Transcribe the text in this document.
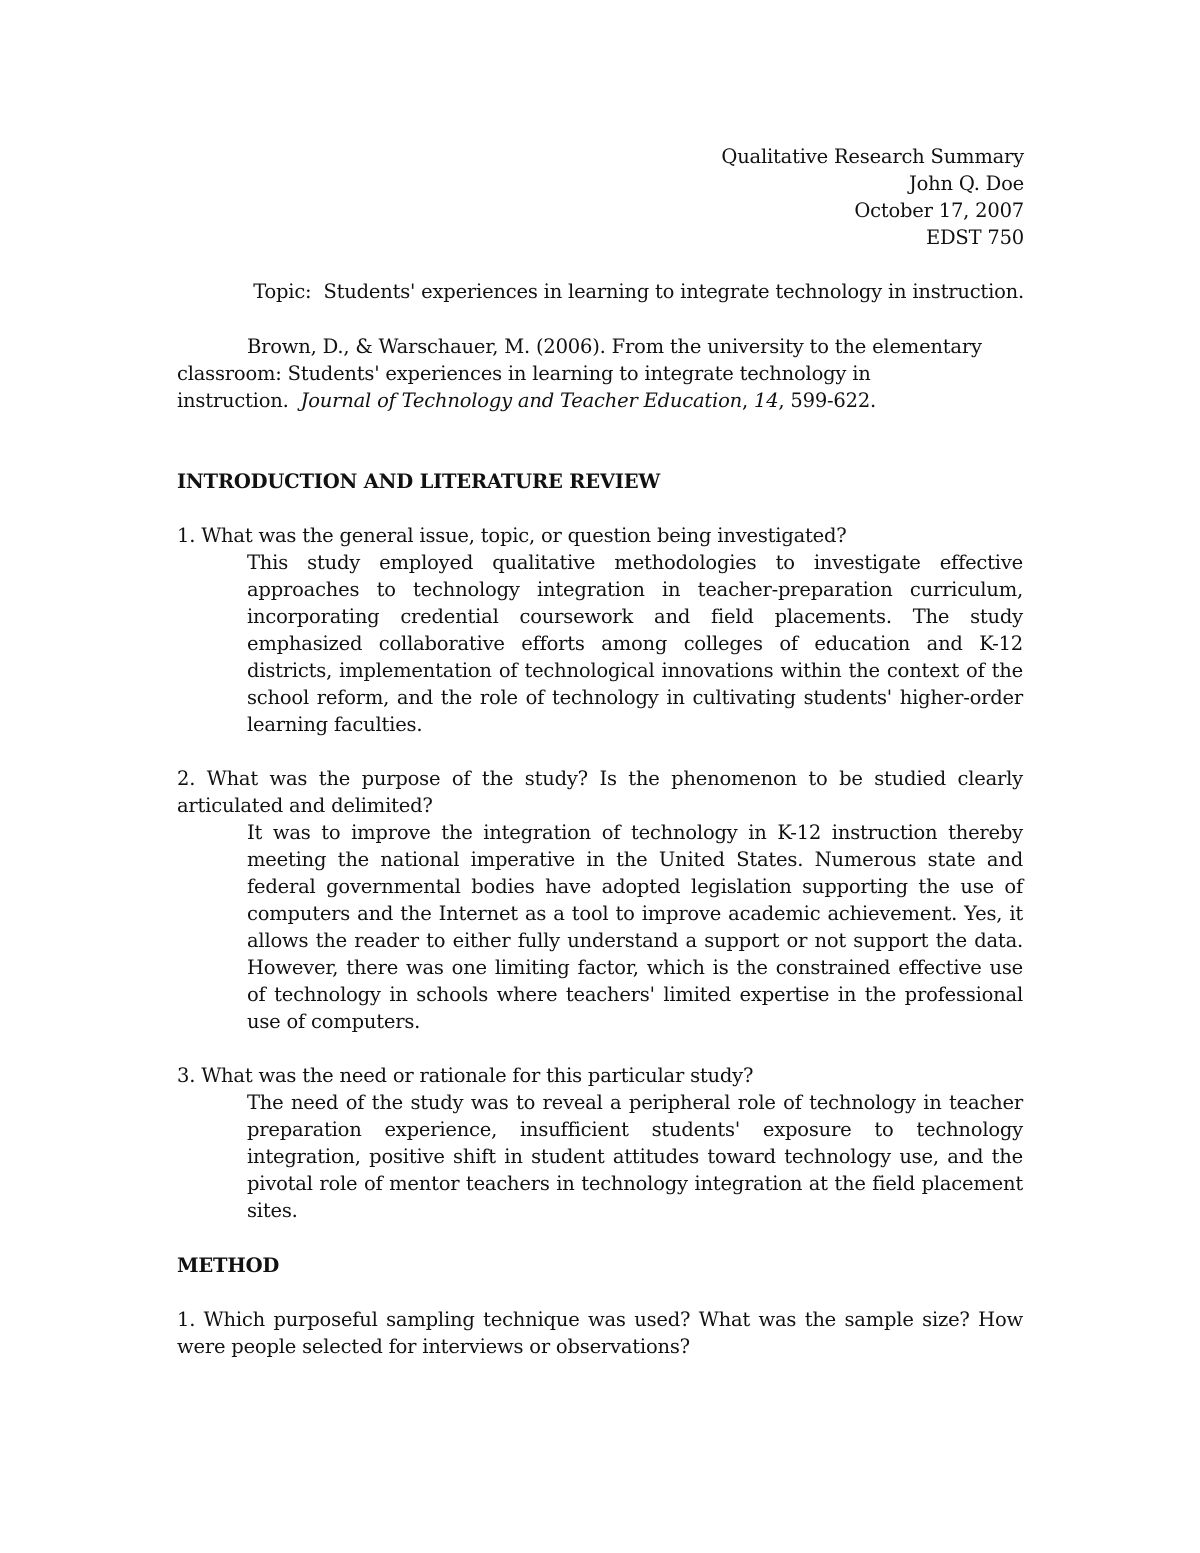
Qualitative Research Summary
John Q. Doe
October 17, 2007
EDST 750
Topic: Students' experiences in learning to integrate technology in instruction.
Brown, D., & Warschauer, M. (2006). From the university to the elementary
classroom: Students' experiences in learning to integrate technology in
instruction. Journal of Technology and Teacher Education, 14, 599-622.
INTRODUCTION AND LITERATURE REVIEW
1. What was the general issue, topic, or question being investigated?
This study employed qualitative methodologies to investigate effective approaches to technology integration in teacher-preparation curriculum, incorporating credential coursework and field placements. The study emphasized collaborative efforts among colleges of education and K-12 districts, implementation of technological innovations within the context of the school reform, and the role of technology in cultivating students' higher-order learning faculties.
2. What was the purpose of the study? Is the phenomenon to be studied clearly articulated and delimited?
It was to improve the integration of technology in K-12 instruction thereby meeting the national imperative in the United States. Numerous state and federal governmental bodies have adopted legislation supporting the use of computers and the Internet as a tool to improve academic achievement. Yes, it allows the reader to either fully understand a support or not support the data. However, there was one limiting factor, which is the constrained effective use of technology in schools where teachers' limited expertise in the professional use of computers.
3. What was the need or rationale for this particular study?
The need of the study was to reveal a peripheral role of technology in teacher preparation experience, insufficient students' exposure to technology integration, positive shift in student attitudes toward technology use, and the pivotal role of mentor teachers in technology integration at the field placement sites.
METHOD
1. Which purposeful sampling technique was used? What was the sample size? How were people selected for interviews or observations?
